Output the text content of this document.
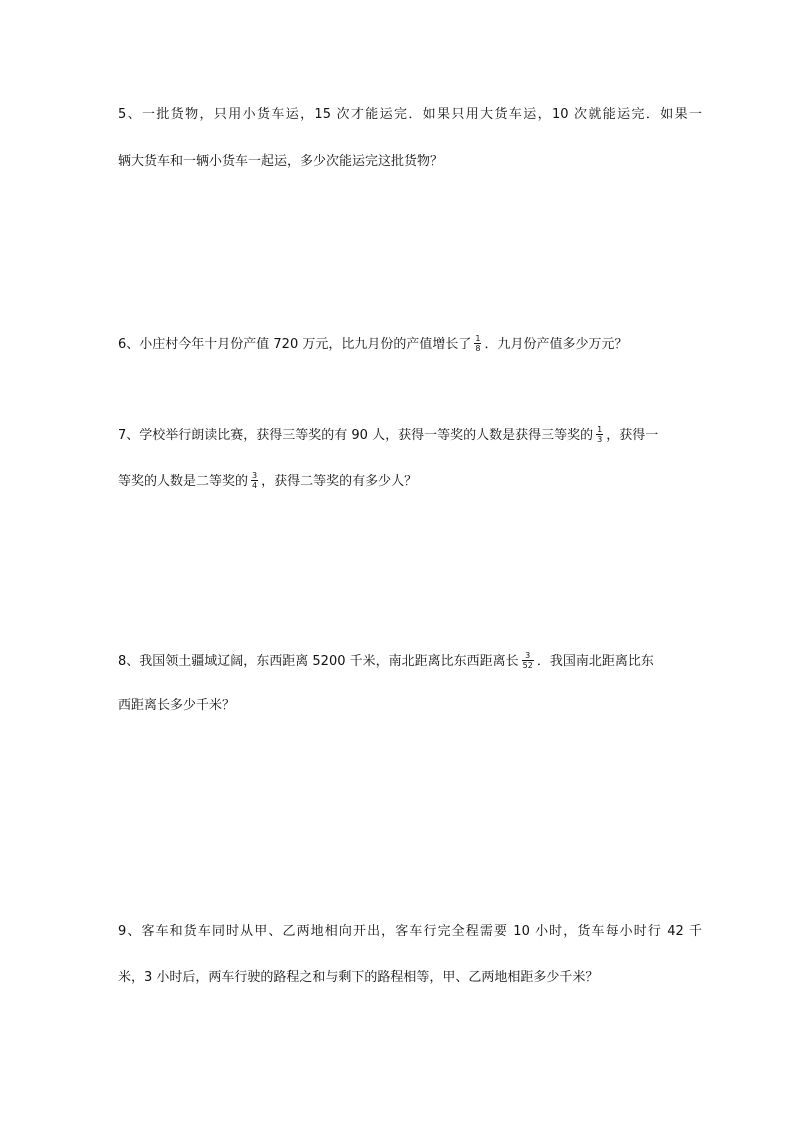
5、一批货物，只用小货车运，15 次才能运完．如果只用大货车运，10 次就能运完．如果一
辆大货车和一辆小货车一起运，多少次能运完这批货物？
6、小庄村今年十月份产值 720 万元，比九月份的产值增长了 $\frac{1}{8}$ ．九月份产值多少万元？
7、学校举行朗读比赛，获得三等奖的有 90 人，获得一等奖的人数是获得三等奖的 $\frac{1}{3}$ ，获得一
等奖的人数是二等奖的 $\frac{3}{4}$ ，获得二等奖的有多少人？
8、我国领土疆域辽阔，东西距离 5200 千米，南北距离比东西距离长 $\frac{3}{52}$ ．我国南北距离比东
西距离长多少千米？
9、客车和货车同时从甲、乙两地相向开出，客车行完全程需要 10 小时，货车每小时行 42 千
米，3 小时后，两车行驶的路程之和与剩下的路程相等，甲、乙两地相距多少千米？
